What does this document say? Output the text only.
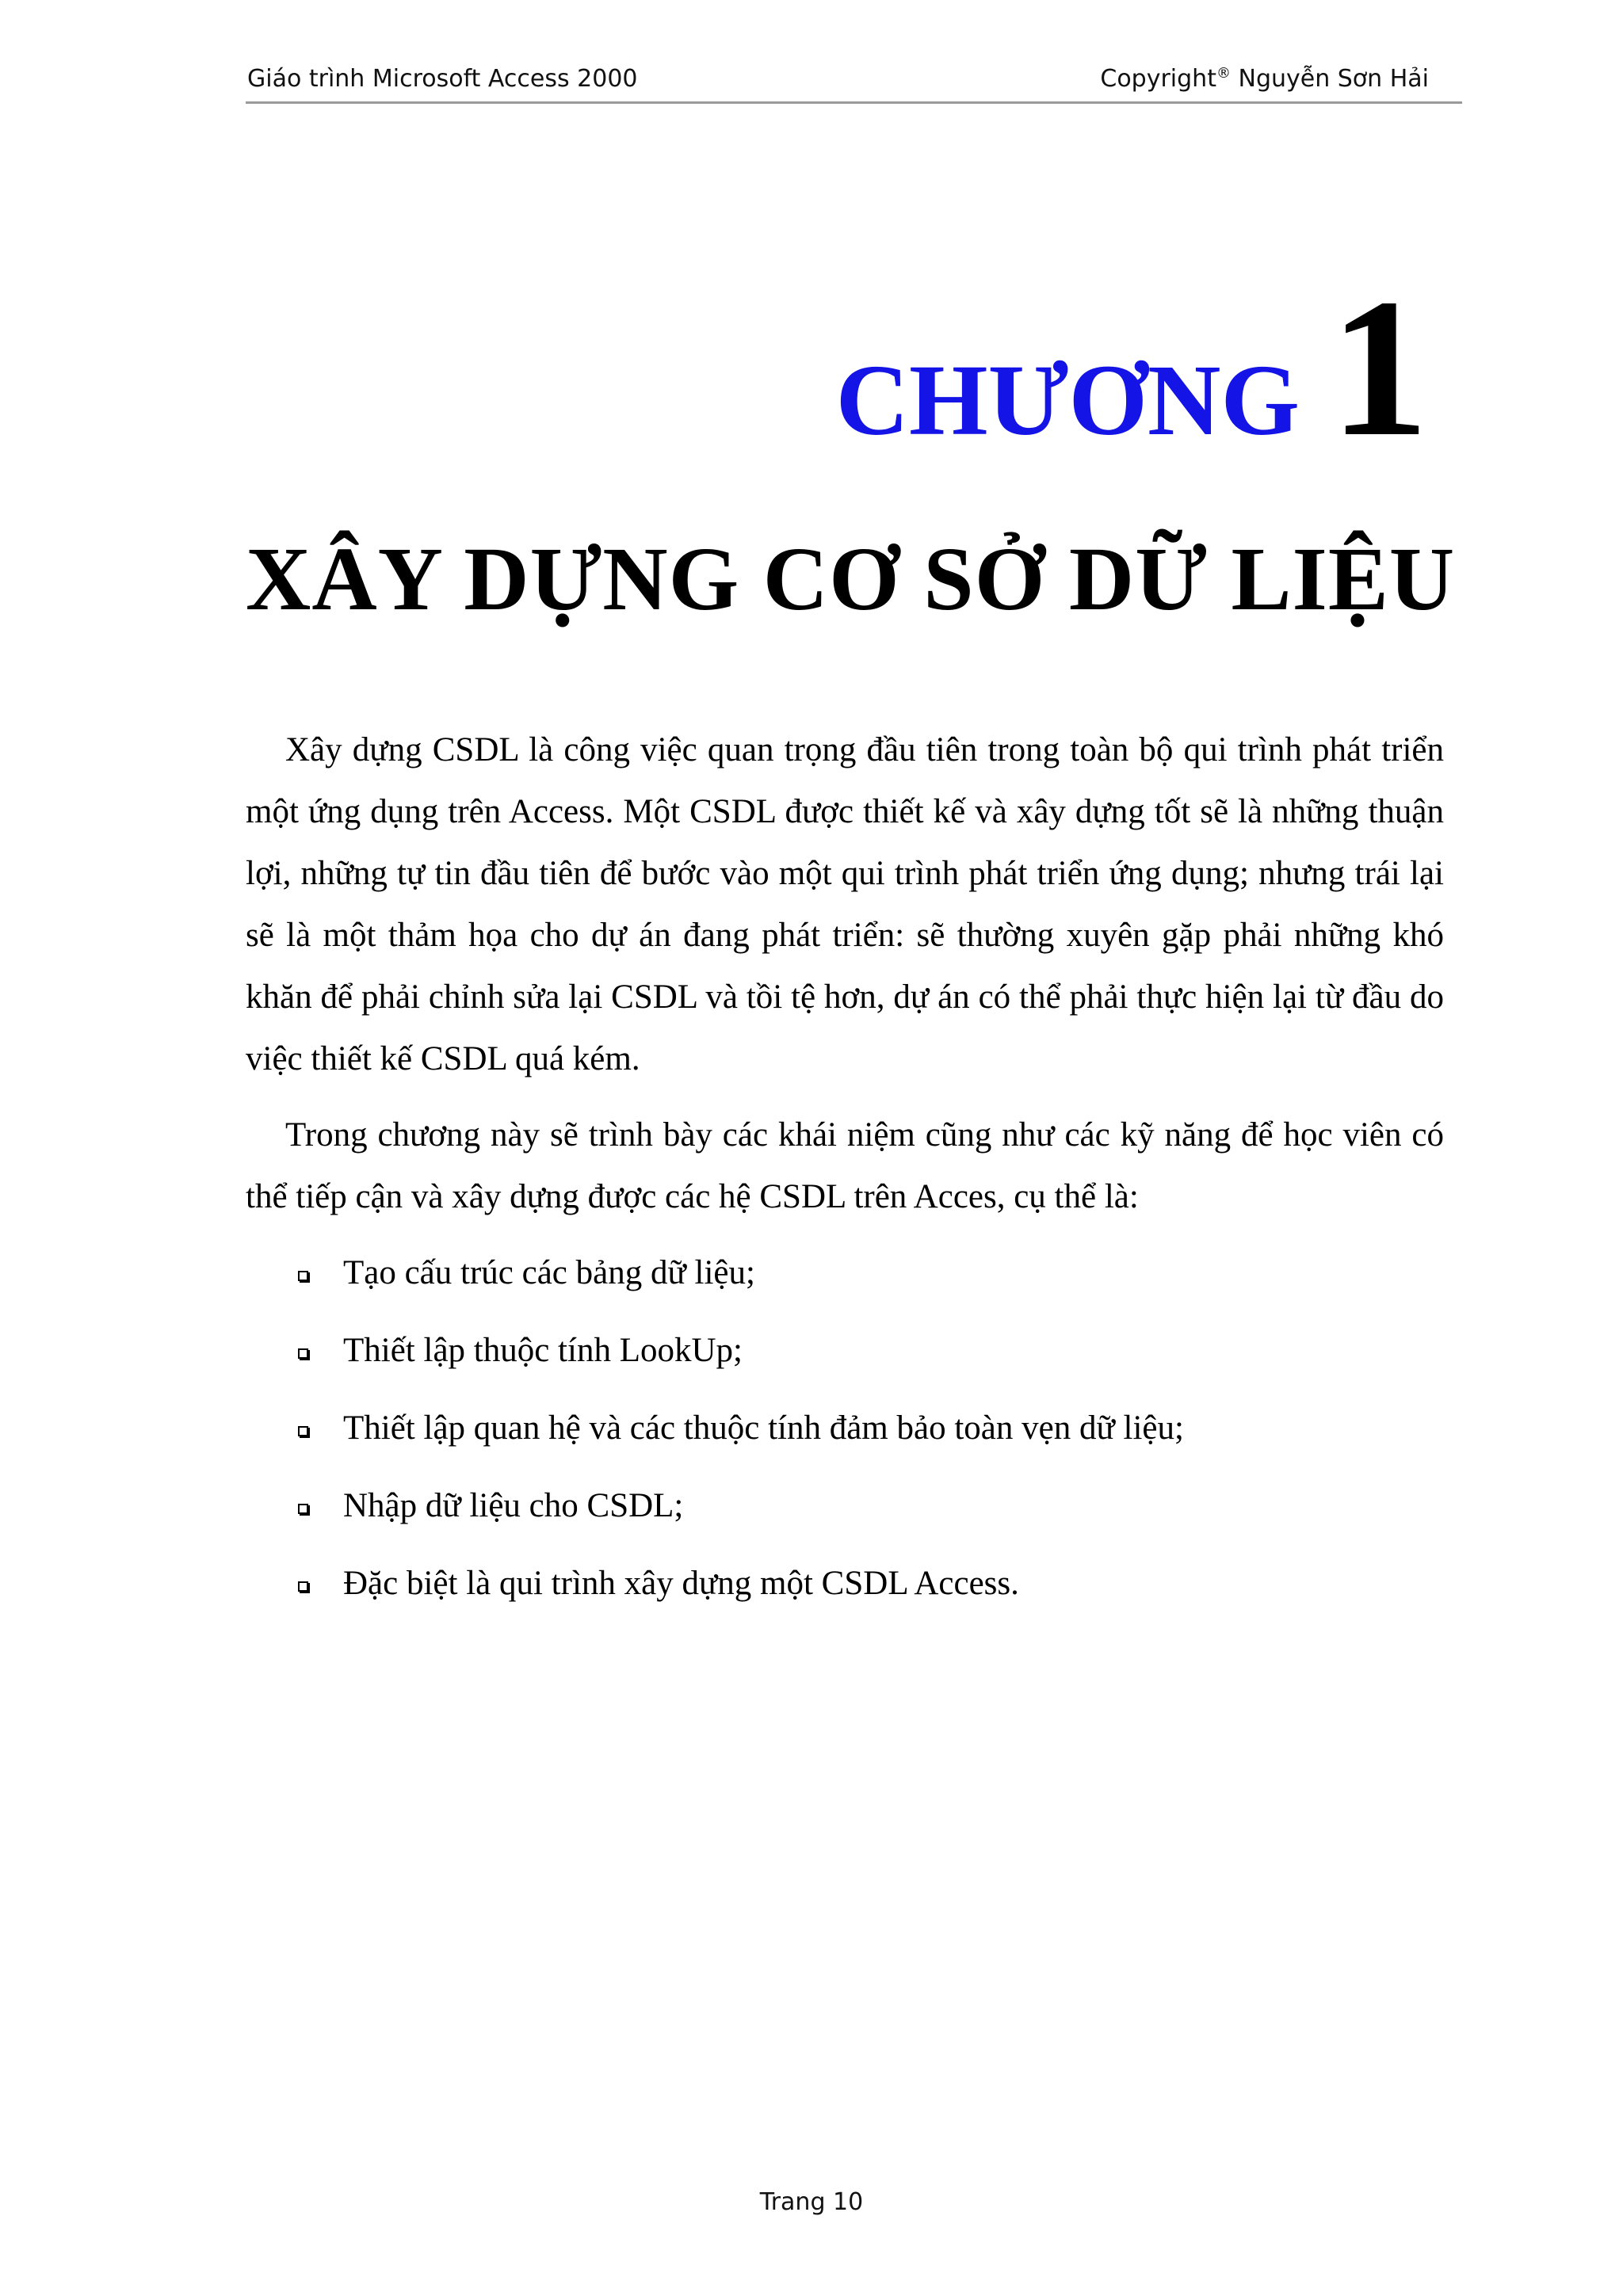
Giáo trình Microsoft Access 2000	Copyright® Nguyễn Sơn Hải
CHƯƠNG 1
XÂY DỰNG CƠ SỞ DỮ LIỆU

Xây dựng CSDL là công việc quan trọng đầu tiên trong toàn bộ qui trình phát triển một ứng dụng trên Access. Một CSDL được thiết kế và xây dựng tốt sẽ là những thuận lợi, những tự tin đầu tiên để bước vào một qui trình phát triển ứng dụng; nhưng trái lại sẽ là một thảm họa cho dự án đang phát triển: sẽ thường xuyên gặp phải những khó khăn để phải chỉnh sửa lại CSDL và tồi tệ hơn, dự án có thể phải thực hiện lại từ đầu do việc thiết kế CSDL quá kém.

Trong chương này sẽ trình bày các khái niệm cũng như các kỹ năng để học viên có thể tiếp cận và xây dựng được các hệ CSDL trên Acces, cụ thể là:

Tạo cấu trúc các bảng dữ liệu;
Thiết lập thuộc tính LookUp;
Thiết lập quan hệ và các thuộc tính đảm bảo toàn vẹn dữ liệu;
Nhập dữ liệu cho CSDL;
Đặc biệt là qui trình xây dựng một CSDL Access.
Trang 10
